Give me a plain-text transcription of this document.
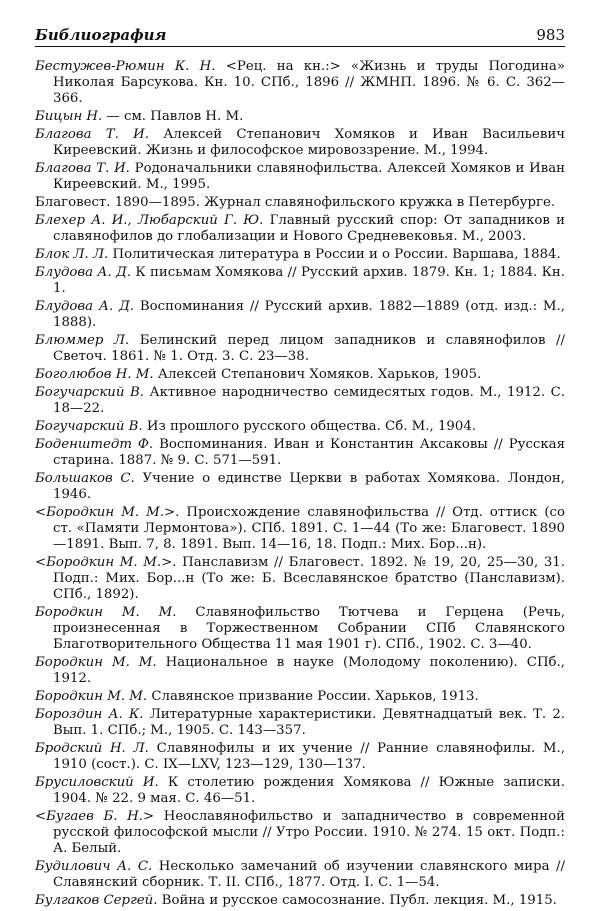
Библиография	983

Бестужев-Рюмин К. Н. <Рец. на кн.:> «Жизнь и труды Погодина» Николая Барсукова. Кн. 10. СПб., 1896 // ЖМНП. 1896. № 6. С. 362—366.

Бицын Н. — см. Павлов Н. М.

Благова Т. И. Алексей Степанович Хомяков и Иван Васильевич Киреевский. Жизнь и философское мировоззрение. М., 1994.

Благова Т. И. Родоначальники славянофильства. Алексей Хомяков и Иван Киреевский. М., 1995.

Благовест. 1890—1895. Журнал славянофильского кружка в Петербурге.

Блехер А. И., Любарский Г. Ю. Главный русский спор: От западников и славянофилов до глобализации и Нового Средневековья. М., 2003.

Блок Л. Л. Политическая литература в России и о России. Варшава, 1884.

Блудова А. Д. К письмам Хомякова // Русский архив. 1879. Кн. 1; 1884. Кн. 1.

Блудова А. Д. Воспоминания // Русский архив. 1882—1889 (отд. изд.: М., 1888).

Блюммер Л. Белинский перед лицом западников и славянофилов // Светоч. 1861. № 1. Отд. 3. С. 23—38.

Боголюбов Н. М. Алексей Степанович Хомяков. Харьков, 1905.

Богучарский В. Активное народничество семидесятых годов. М., 1912. С. 18—22.

Богучарский В. Из прошлого русского общества. Сб. М., 1904.

Боденштедт Ф. Воспоминания. Иван и Константин Аксаковы // Русская старина. 1887. № 9. С. 571—591.

Большаков С. Учение о единстве Церкви в работах Хомякова. Лондон, 1946.

<Бородкин М. М.>. Происхождение славянофильства // Отд. оттиск (со ст. «Памяти Лермонтова»). СПб. 1891. С. 1—44 (То же: Благовест. 1890—1891. Вып. 7, 8. 1891. Вып. 14—16, 18. Подп.: Мих. Бор...н).

<Бородкин М. М.>. Панславизм // Благовест. 1892. № 19, 20, 25—30, 31. Подп.: Мих. Бор...н (То же: Б. Всеславянское братство (Панславизм). СПб., 1892).

Бородкин М. М. Славянофильство Тютчева и Герцена (Речь, произнесенная в Торжественном Собрании СПб Славянского Благотворительного Общества 11 мая 1901 г). СПб., 1902. С. 3—40.

Бородкин М. М. Национальное в науке (Молодому поколению). СПб., 1912.

Бородкин М. М. Славянское призвание России. Харьков, 1913.

Бороздин А. К. Литературные характеристики. Девятнадцатый век. Т. 2. Вып. 1. СПб.; М., 1905. С. 143—357.

Бродский Н. Л. Славянофилы и их учение // Ранние славянофилы. М., 1910 (сост.). С. IX—LXV, 123—129, 130—137.

Брусиловский И. К столетию рождения Хомякова // Южные записки. 1904. № 22. 9 мая. С. 46—51.

<Бугаев Б. Н.> Неославянофильство и западничество в современной русской философской мысли // Утро России. 1910. № 274. 15 окт. Подп.: А. Белый.

Будилович А. С. Несколько замечаний об изучении славянского мира // Славянский сборник. Т. II. СПб., 1877. Отд. I. С. 1—54.

Булгаков Сергей. Война и русское самосознание. Публ. лекция. М., 1915.
